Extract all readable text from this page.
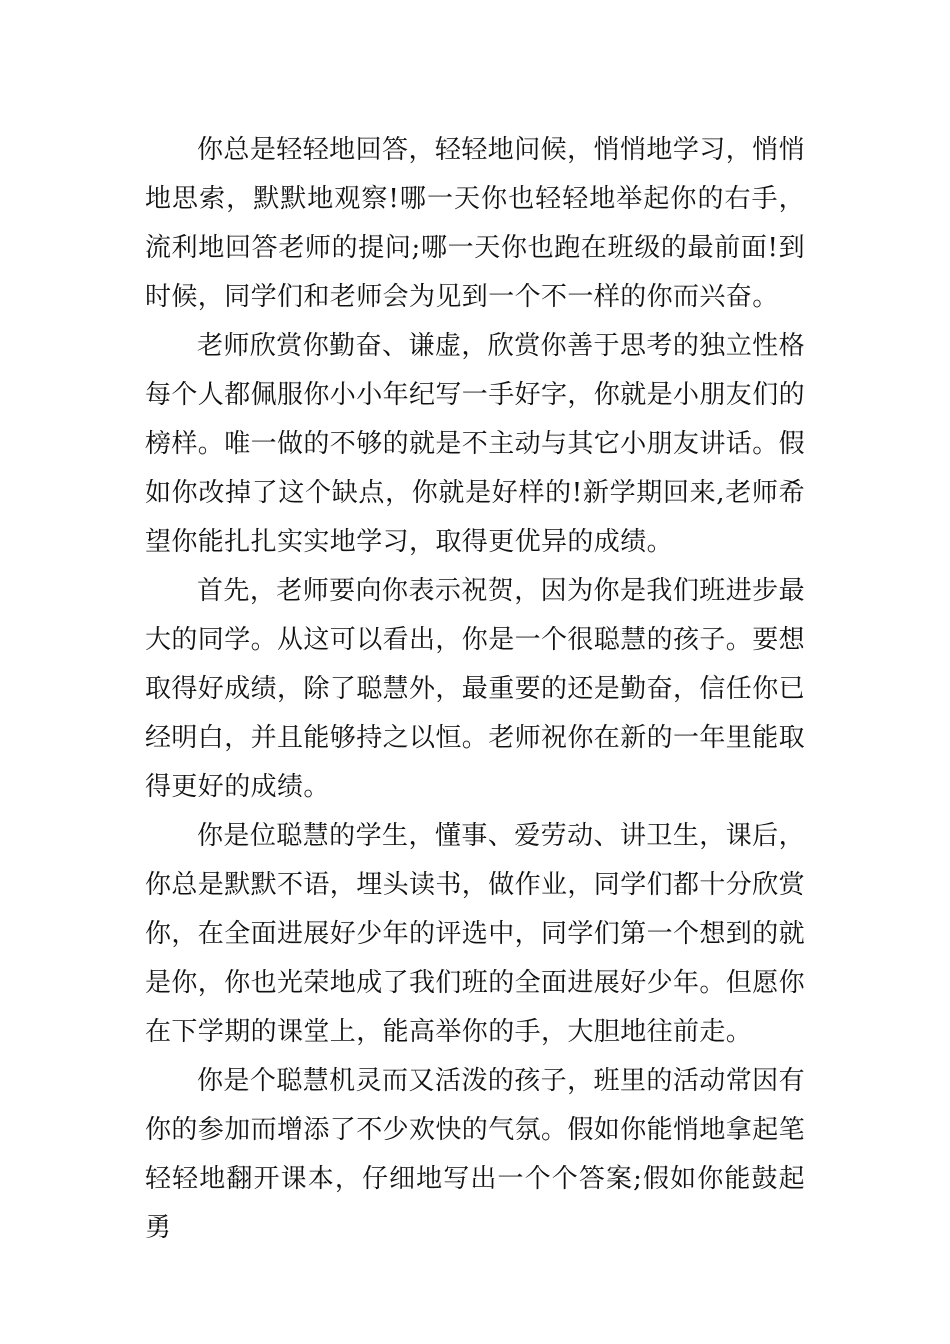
你总是轻轻地回答，轻轻地问候，悄悄地学习，悄悄地思索，默默地观察!哪一天你也轻轻地举起你的右手，流利地回答老师的提问;哪一天你也跑在班级的最前面!到时候，同学们和老师会为见到一个不一样的你而兴奋。

老师欣赏你勤奋、谦虚，欣赏你善于思考的独立性格每个人都佩服你小小年纪写一手好字，你就是小朋友们的榜样。唯一做的不够的就是不主动与其它小朋友讲话。假如你改掉了这个缺点，你就是好样的!新学期回来,老师希望你能扎扎实实地学习，取得更优异的成绩。

首先，老师要向你表示祝贺，因为你是我们班进步最大的同学。从这可以看出，你是一个很聪慧的孩子。要想取得好成绩，除了聪慧外，最重要的还是勤奋，信任你已经明白，并且能够持之以恒。老师祝你在新的一年里能取得更好的成绩。

你是位聪慧的学生，懂事、爱劳动、讲卫生，课后，你总是默默不语，埋头读书，做作业，同学们都十分欣赏你，在全面进展好少年的评选中，同学们第一个想到的就是你，你也光荣地成了我们班的全面进展好少年。但愿你在下学期的课堂上，能高举你的手，大胆地往前走。

你是个聪慧机灵而又活泼的孩子，班里的活动常因有你的参加而增添了不少欢快的气氛。假如你能悄地拿起笔轻轻地翻开课本，仔细地写出一个个答案;假如你能鼓起勇
